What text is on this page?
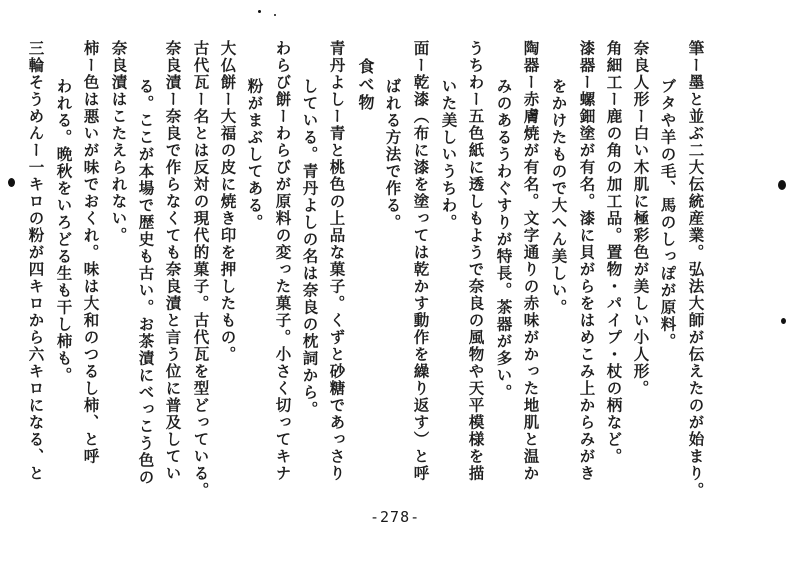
筆ー墨と並ぶ二大伝統産業。弘法大師が伝えたのが始まり。
ブタや羊の毛、馬のしっぽが原料。
奈良人形ー白い木肌に極彩色が美しい小人形。
角細工ー鹿の角の加工品。置物・パイプ・杖の柄など。
漆器ー螺鈿塗が有名。漆に貝がらをはめこみ上からみがき
をかけたもので大へん美しい。
陶器ー赤膚焼が有名。文字通りの赤味がかった地肌と温か
みのあるうわぐすりが特長。茶器が多い。
うちわー五色紙に透しもようで奈良の風物や天平模様を描
いた美しいうちわ。
面ー乾漆（布に漆を塗っては乾かす動作を繰り返す）と呼
ばれる方法で作る。
食べ物
青丹よしー青と桃色の上品な菓子。くずと砂糖であっさり
している。青丹よしの名は奈良の枕詞から。
わらび餅ーわらびが原料の変った菓子。小さく切ってキナ
粉がまぶしてある。
大仏餅ー大福の皮に焼き印を押したもの。
古代瓦ー名とは反対の現代的菓子。古代瓦を型どっている。
奈良漬ー奈良で作らなくても奈良漬と言う位に普及してい
る。ここが本場で歴史も古い。お茶漬にべっこう色の
奈良漬はこたえられない。
柿ー色は悪いが味でおくれ。味は大和のつるし柿、と呼
われる。晩秋をいろどる生も干し柿も。
三輪そうめんー一キロの粉が四キロから六キロになる、と
-278-
